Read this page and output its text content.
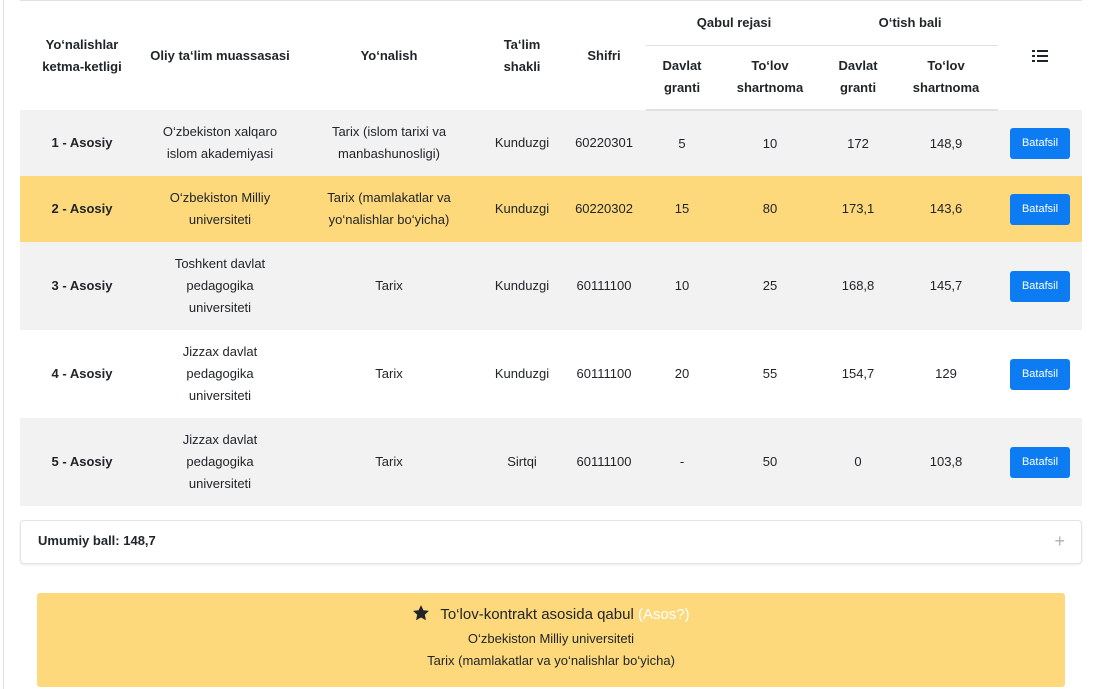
Yo‘nalishlar ketma-ketligi	Oliy ta‘lim muassasasi	Yo‘nalish	Ta‘lim shakli	Shifri	Qabul rejasi		O‘tish bali		

					Davlat granti	To‘lov shartnoma	Davlat granti	To‘lov shartnoma	
1 - Asosiy	O‘zbekiston xalqaro islom akademiyasi	Tarix (islom tarixi va manbashunosligi)	Kunduzgi	60220301	5	10	172	148,9	Batafsil
2 - Asosiy	O‘zbekiston Milliy universiteti	Tarix (mamlakatlar va yo‘nalishlar bo‘yicha)	Kunduzgi	60220302	15	80	173,1	143,6	Batafsil
3 - Asosiy	Toshkent davlat pedagogika universiteti	Tarix	Kunduzgi	60111100	10	25	168,8	145,7	Batafsil
4 - Asosiy	Jizzax davlat pedagogika universiteti	Tarix	Kunduzgi	60111100	20	55	154,7	129	Batafsil
5 - Asosiy	Jizzax davlat pedagogika universiteti	Tarix	Sirtqi	60111100	-	50	0	103,8	Batafsil
Umumiy ball: 148,7	+
To‘lov-kontrakt asosida qabul (Asos?)
O‘zbekiston Milliy universiteti
Tarix (mamlakatlar va yo‘nalishlar bo‘yicha)
